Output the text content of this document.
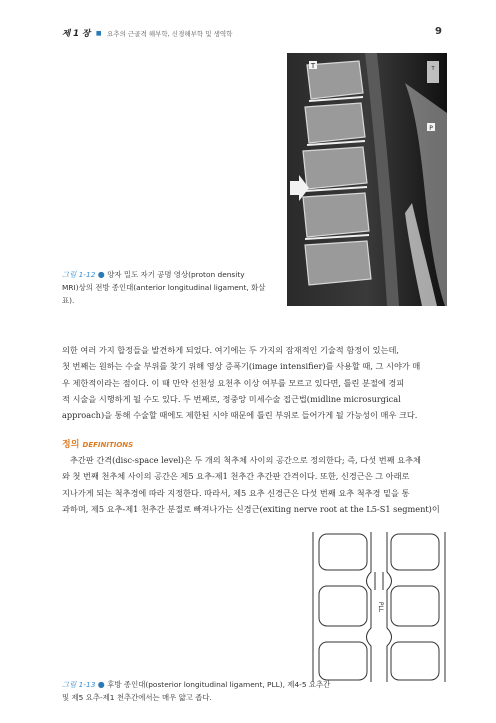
제 1 장 ■ 요추의 근골격 해부학, 신경해부학 및 생역학	9
T	T
P
그림 1-12 ● 양자 밀도 자기 공명 영상(proton density
MRI)상의 전방 종인대(anterior longitudinal ligament, 화살
표).
의한 여러 가지 합정들을 발견하게 되었다. 여기에는 두 가지의 잠재적인 기술적 함정이 있는데,
첫 번째는 원하는 수술 부위를 찾기 위해 영상 증폭기(image intensifier)를 사용할 때, 그 시야가 매
우 제한적이라는 점이다. 이 때 만약 선천성 요천추 이상 여부를 모르고 있다면, 틀린 분절에 경피
적 시술을 시행하게 될 수도 있다. 두 번째로, 정중앙 미세수술 접근법(midline microsurgical
approach)을 통해 수술할 때에도 제한된 시야 때문에 틀린 부위로 들어가게 될 가능성이 매우 크다.
정의 DEFINITIONS
추간판 간격(disc-space level)은 두 개의 척추체 사이의 공간으로 정의한다; 즉, 다섯 번째 요추체
와 첫 번째 천추체 사이의 공간은 제5 요추-제1 천추간 추간판 간격이다. 또한, 신경근은 그 아래로
지나가게 되는 척추경에 따라 지정한다. 따라서, 제5 요추 신경근은 다섯 번째 요추 척추경 밑을 통
과하며, 제5 요추-제1 천추간 분절로 빠져나가는 신경근(exiting nerve root at the L5-S1 segment)이
PLL
그림 1-13 ● 후방 종인대(posterior longitudinal ligament, PLL), 제4-5 요추간
및 제5 요추-제1 천추간에서는 매우 얇고 좁다.
